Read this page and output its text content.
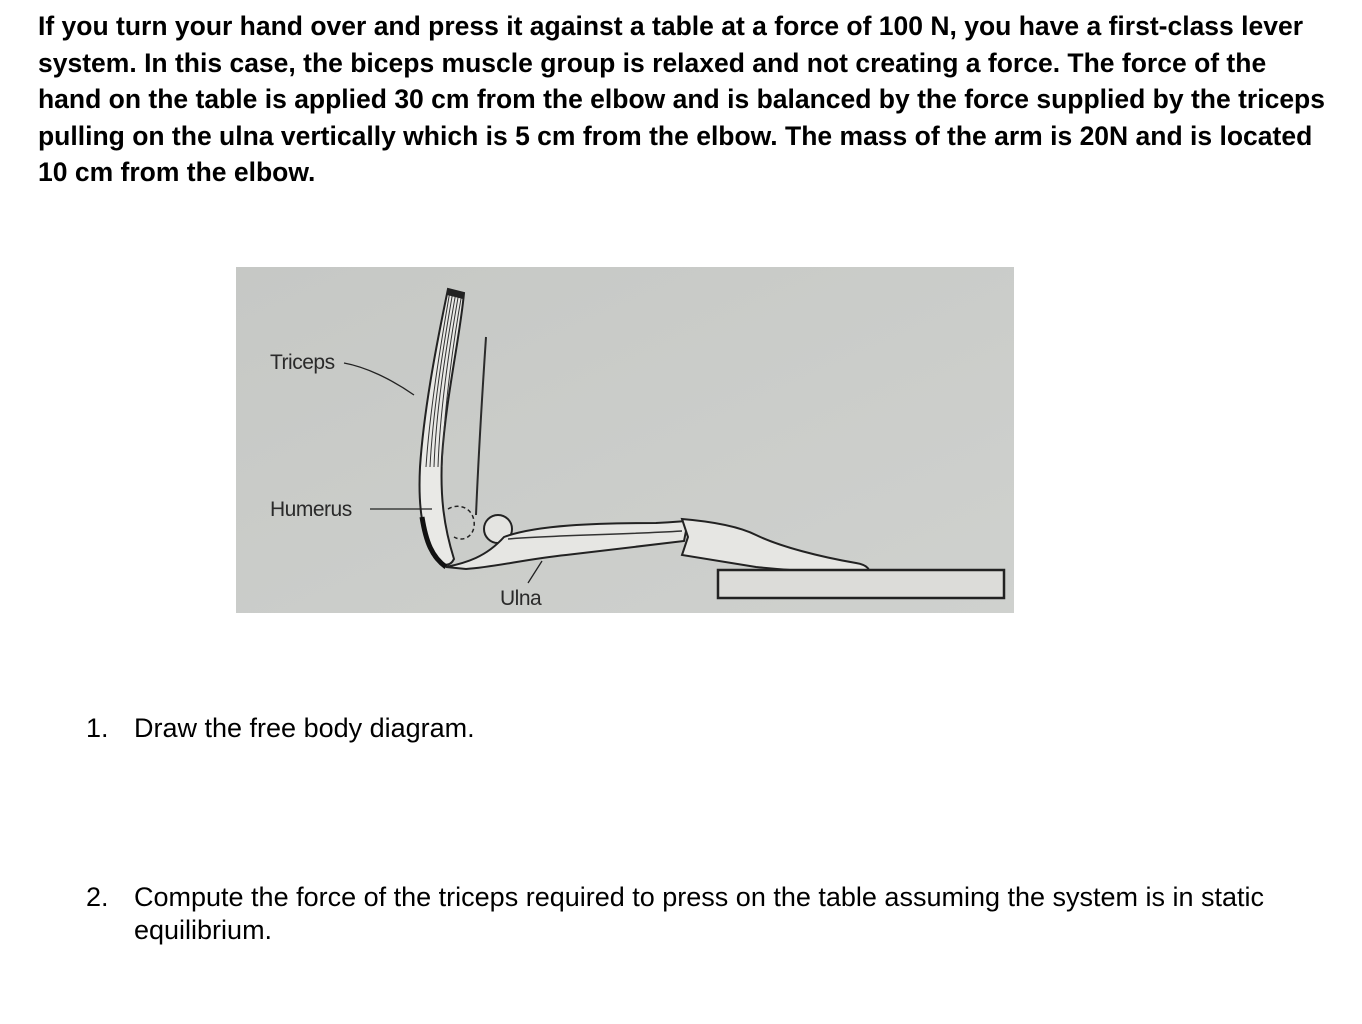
If you turn your hand over and press it against a table at a force of 100 N, you have a first-class lever system. In this case, the biceps muscle group is relaxed and not creating a force. The force of the hand on the table is applied 30 cm from the elbow and is balanced by the force supplied by the triceps pulling on the ulna vertically which is 5 cm from the elbow. The mass of the arm is 20N and is located 10 cm from the elbow.

Triceps
Humerus
Ulna
1. Draw the free body diagram.
2. Compute the force of the triceps required to press on the table assuming the system is in static equilibrium.
